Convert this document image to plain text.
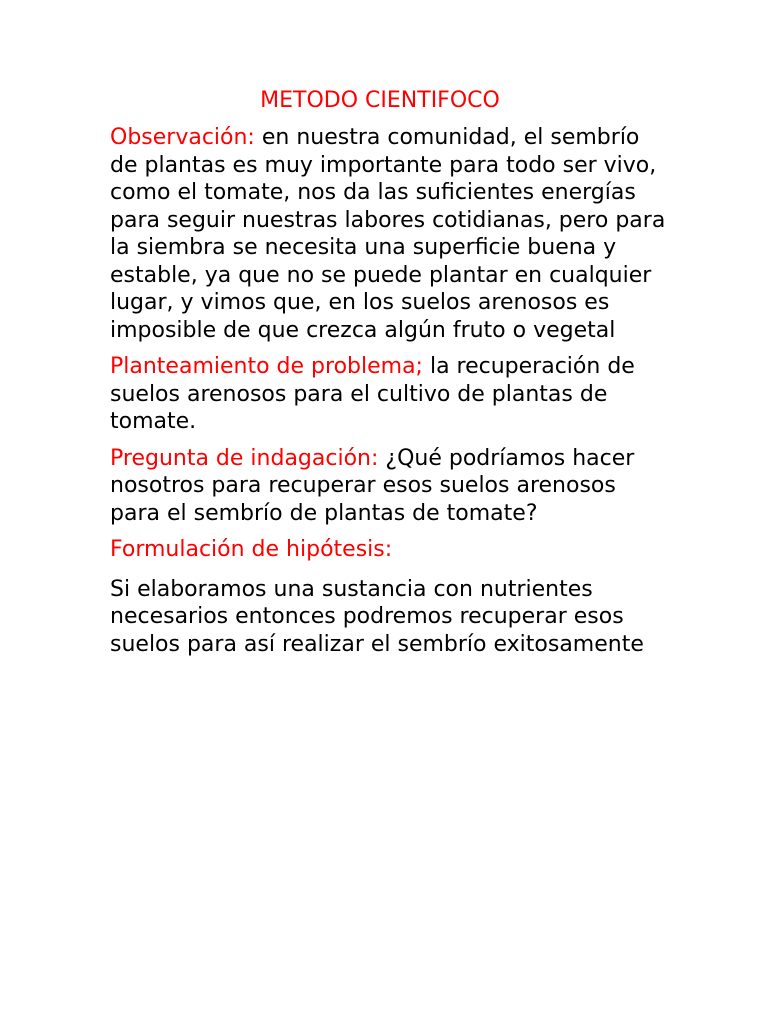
METODO CIENTIFOCO

Observación: en nuestra comunidad, el sembrío de plantas es muy importante para todo ser vivo, como el tomate, nos da las suficientes energías para seguir nuestras labores cotidianas, pero para la siembra se necesita una superficie buena y estable, ya que no se puede plantar en cualquier lugar, y vimos que, en los suelos arenosos es imposible de que crezca algún fruto o vegetal

Planteamiento de problema; la recuperación de suelos arenosos para el cultivo de plantas de tomate.

Pregunta de indagación: ¿Qué podríamos hacer nosotros para recuperar esos suelos arenosos para el sembrío de plantas de tomate?

Formulación de hipótesis:

Si elaboramos una sustancia con nutrientes necesarios entonces podremos recuperar esos suelos para así realizar el sembrío exitosamente
